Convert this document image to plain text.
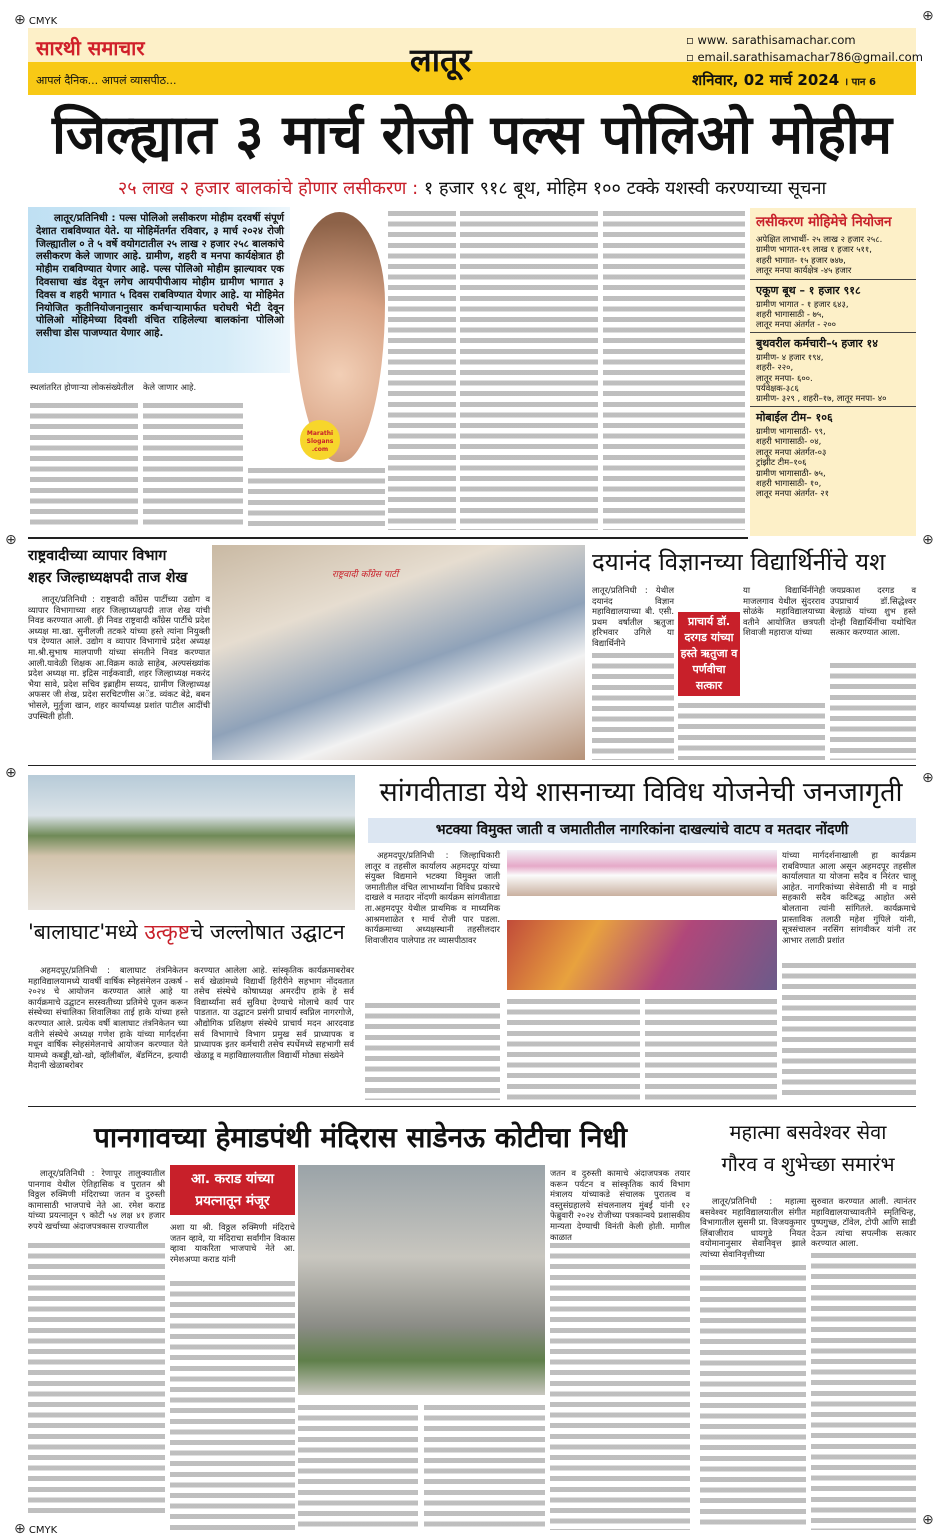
⊕ CMYK	⊕
⊕	⊕
⊕	⊕
⊕ CMYK
⊕
सारथी समाचार	लातूर
आपलं दैनिक... आपलं व्यासपीठ...
▫ www. sarathisamachar.com
▫ email.sarathisamachar786@gmail.com
शनिवार, 02 मार्च 2024 । पान 6
जिल्ह्यात ३ मार्च रोजी पल्स पोलिओ मोहीम
२५ लाख २ हजार बालकांचे होणार लसीकरण : १ हजार ९१८ बूथ, मोहिम १०० टक्के यशस्वी करण्याच्या सूचना

लातूर/प्रतिनिधी : पल्स पोलिओ लसीकरण मोहीम दरवर्षी संपूर्ण देशात राबविण्यात येते. या मोहिमेंतर्गत रविवार, ३ मार्च २०२४ रोजी जिल्ह्यातील ० ते ५ वर्षे वयोगटातील २५ लाख २ हजार २५८ बालकांचे लसीकरण केले जाणार आहे. ग्रामीण, शहरी व मनपा कार्यक्षेत्रात ही मोहीम राबविण्यात येणार आहे. पल्स पोलिओ मोहीम झाल्यावर एक दिवसाचा खंड देवून लगेच आयपीपीआय मोहीम ग्रामीण भागात ३ दिवस व शहरी भागात ५ दिवस राबविण्यात येणार आहे. या मोहिमेत नियोजित कृतीनियोजनानुसार कर्मचाऱ्यामार्फत घरोघरी भेटी देवून पोलिओ मोहिमेच्या दिवशी वंचित राहिलेल्या बालकांना पोलिओ लसीचा डोस पाजण्यात येणार आहे.

Marathi Slogans .com
स्थलांतरित होणाऱ्या लोकसंख्येतील	केले जाणार आहे.
लसीकरण मोहिमेचे नियोजन
अपेक्षित लाभार्थी- २५ लाख २ हजार २५८.
ग्रामीण भागात-१९ लाख १ हजार ५११,
शहरी भागात- १५ हजार ७४७,
लातूर मनपा कार्यक्षेत्र -४५ हजार
एकूण बूथ – १ हजार ९१८
ग्रामीण भागात - १ हजार ६४३,
शहरी भागासाठी - ७५,
लातूर मनपा अंतर्गत - २००
बुथवरील कर्मचारी–५ हजार १४
ग्रामीण- ४ हजार १९४,
शहरी- २२०,
लातूर मनपा- ६००.
पर्यवेक्षक-३८६
ग्रामीण- ३२९ , शहरी–१७, लातूर मनपा- ४०
मोबाईल टीम– १०६
ग्रामीण भागासाठी- ९९,
शहरी भागासाठी- ०४,
लातूर मनपा अंतर्गत-०३
ट्रांझीट टीम–१०६
ग्रामीण भागासाठी- ७५,
शहरी भागासाठी- १०,
लातूर मनपा अंतर्गत- २१
राष्ट्रवादीच्या व्यापार विभाग
शहर जिल्हाध्यक्षपदी ताज शेख
लातूर/प्रतिनिधी : राष्ट्रवादी काँग्रेस पार्टीच्या उद्योग व व्यापार विभागाच्या शहर जिल्हाध्यक्षपदी ताज शेख यांची निवड करण्यात आली. ही निवड राष्ट्रवादी काँग्रेस पार्टीचे प्रदेश अध्यक्ष मा.खा. सुनीलजी तटकरे यांच्या हस्ते त्यांना नियुक्ती पत्र देण्यात आले. उद्योग व व्यापार विभागाचे प्रदेश अध्यक्ष मा.श्री.सुभाष मालपाणी यांच्या संमतीने निवड करण्यात आली.यावेळी शिक्षक आ.विक्रम काळे साहेब, अल्पसंख्यांक प्रदेश अध्यक्ष मा. इद्रिस नाईकवाडी, शहर जिल्हाध्यक्ष मकरंद भैया सावे, प्रदेश सचिव इब्राहीम सय्यद, ग्रामीण जिल्हाध्यक्ष अफसर जी शेख, प्रदेश सरचिटणीस अॅड. व्यंकट बेद्रे, बबन भोसले, मुर्तुजा खान, शहर कार्याध्यक्ष प्रशांत पाटील आदींची उपस्थिती होती.
राष्ट्रवादी काँग्रेस पार्टी	दयानंद विज्ञानच्या विद्यार्थिनींचे यश
लातूर/प्रतिनिधी : येथील दयानंद विज्ञान महाविद्यालयाच्या बी. एसी. प्रथम वर्षातील ऋतुजा हरिभवार उगिले या विद्यार्थिनीने
प्राचार्य डॉ. दरगड यांच्या हस्ते ऋतुजा व पर्णवीचा सत्कार
या विद्यार्थिनींनेही माजलगाव येथील सुंदरराव सोळंके महाविद्यालयाच्या वतीने आयोजित छत्रपती शिवाजी महाराज यांच्या
जयप्रकाश दरगड व उपप्राचार्य डॉ.सिद्धेश्वर बेल्हाळे यांच्या शुभ हस्ते दोन्ही विद्यार्थिनींचा यथोचित सत्कार करण्यात आला.
'बालाघाट'मध्ये उत्कृष्टचे जल्लोषात उद्घाटन
अहमदपूर/प्रतिनिधी : बालाघाट तंत्रनिकेतन महाविद्यालयामध्ये यावर्षी वार्षिक स्नेहसंमेलन उत्कर्ष - २०२४ चे आयोजन करण्यात आले आहे या कार्यक्रमाचे उद्घाटन सरस्वतीच्या प्रतिमेचे पूजन करून संस्थेच्या संचालिका शिवालिका ताई हाके यांच्या हस्ते करण्यात आले. प्रत्येक वर्षी बालाघाट तंत्रनिकेतन च्या वतीने संस्थेचे अध्यक्ष गणेश हाके यांच्या मार्गदर्शना मधून वार्षिक स्नेहसंमेलनाचे आयोजन करण्यात येते यामध्ये कबड्डी,खो-खो, व्हॉलीबॉल, बॅडमिंटन, इत्यादी मैदानी खेळाबरोबर
करण्यात आलेला आहे. सांस्कृतिक कार्यक्रमाबरोबर सर्व खेळांमध्ये विद्यार्थी हिरीरीने सहभाग नोंदवतात तसेच संस्थेचे कोषाध्यक्ष अमरदीप हाके हे सर्व विद्यार्थ्यांना सर्व सुविधा देण्याचे मोलाचे कार्य पार पाडतात. या उद्घाटन प्रसंगी प्राचार्य स्वप्निल नागरगोजे, औद्योगिक प्रशिक्षण संस्थेचे प्राचार्य मदन आरदवाड सर्व विभागाचे विभाग प्रमुख सर्व प्राध्यापक व प्राध्यापक इतर कर्मचारी तसेच स्पर्धेमध्ये सहभागी सर्व खेळाडू व महाविद्यालयातील विद्यार्थी मोठ्या संख्येने
सांगवीताडा येथे शासनाच्या विविध योजनेची जनजागृती
भटक्या विमुक्त जाती व जमातीतील नागरिकांना दाखल्यांचे वाटप व मतदार नोंदणी
अहमदपूर/प्रतिनिधी : जिल्हाधिकारी लातूर व तहसील कार्यालय अहमदपूर यांच्या संयुक्त विद्यमाने भटक्या विमुक्त जाती जमातीतील वंचित लाभार्थ्यांना विविध प्रकारचे दाखले व मतदार नोंदणी कार्यक्रम सांगवीताडा ता.अहमदपूर येथील प्राथमिक व माध्यमिक आश्रमशाळेत १ मार्च रोजी पार पडला. कार्यक्रमाच्या अध्यक्षस्थानी तहसीलदार शिवाजीराव पालेपाड तर व्यासपीठावर
यांच्या मार्गदर्शनाखाली हा कार्यक्रम राबविण्यात आला असून अहमदपूर तहसील कार्यालयात या योजना सदैव व निरंतर चालू आहेत. नागरिकांच्या सेवेसाठी मी व माझे सहकारी सदैव कटिबद्ध आहोत असे बोलताना त्यांनी सांगितले. कार्यक्रमाचे प्रास्ताविक तलाठी महेश गुंपिले यांनी, सूत्रसंचालन नरसिंग सांगवीकर यांनी तर आभार तलाठी प्रशांत
पानगावच्या हेमाडपंथी मंदिरास साडेनऊ कोटीचा निधी	महात्मा बसवेश्वर सेवा
गौरव व शुभेच्छा समारंभ
लातूर/प्रतिनिधी : रेणापूर तालुक्यातील पानगाव येथील ऐतिहासिक व पुरातन श्री विठ्ठल रुक्मिणी मंदिराच्या जतन व दुरुस्ती कामासाठी भाजपाचे नेते आ. रमेश कराड यांच्या प्रयत्नातून ९ कोटी ५४ लक्ष ४१ हजार रुपये खर्चाच्या अंदाजपत्रकास राज्यातील
आ. कराड यांच्या प्रयत्नातून मंजूर
अशा या श्री. विठ्ठल रुक्मिणी मंदिराचे जतन व्हावे, या मंदिराचा सर्वांगीन विकास व्हावा याकरिता भाजपाचे नेते आ. रमेशअप्पा कराड यांनी
जतन व दुरुस्ती कामाचे अंदाजपत्रक तयार करून पर्यटन व सांस्कृतिक कार्य विभाग मंत्रालय यांच्याकडे संचालक पुरातत्व व वस्तुसंग्रहालये संचलनालय मुंबई यांनी १२ फेब्रुवारी २०२४ रोजीच्या पत्रकान्वये प्रशासकीय मान्यता देण्याची विनंती केली होती. मागील काळात
लातूर/प्रतिनिधी : महात्मा बसवेश्वर महाविद्यालयातील संगीत विभागातील सुसमी प्रा. विजयकुमार लिंबाजीराव धायगुडे नियत वयोमानानुसार सेवानिवृत्त झाले त्यांच्या सेवानिवृत्तीच्या
सुरुवात करण्यात आली. त्यानंतर महाविद्यालयाच्यावतीने स्मृतिचिन्ह, पुष्पगुच्छ, टॉवेल, टोपी आणि साडी देऊन त्यांचा सपत्नीक सत्कार करण्यात आला.
